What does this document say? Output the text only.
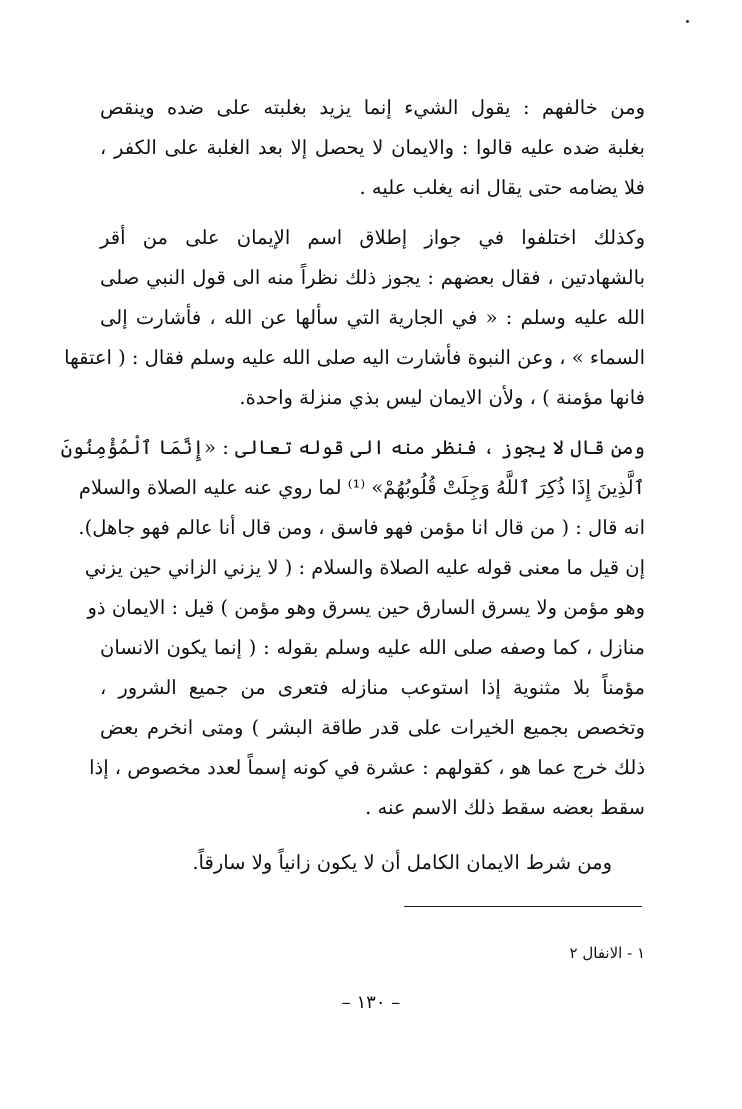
ومن خالفهم : يقول الشيء إنما يزيد بغلبته على ضده وينقص
بغلبة ضده عليه قالوا : والايمان لا يحصل إلا بعد الغلبة على الكفر ،
فلا يضامه حتى يقال انه يغلب عليه .

وكذلك اختلفوا في جواز إطلاق اسم الإيمان على من أقر
بالشهادتين ، فقال بعضهم : يجوز ذلك نظراً منه الى قول النبي صلى
الله عليه وسلم : « في الجارية التي سألها عن الله ، فأشارت إلى
السماء » ، وعن النبوة فأشارت اليه صلى الله عليه وسلم فقال : ( اعتقها
فانها مؤمنة ) ، ولأن الايمان ليس بذي منزلة واحدة.

ومن قال لا يجوز ، فنظر منه الى قوله تعالى : «إِنَّمَا ٱلْمُؤْمِنُونَ
ٱلَّذِينَ إِذَا ذُكِرَ ٱللَّهُ وَجِلَتْ قُلُوبُهُمْ» ⁽¹⁾ لما روي عنه عليه الصلاة والسلام
انه قال : ( من قال انا مؤمن فهو فاسق ، ومن قال أنا عالم فهو جاهل).
إن قيل ما معنى قوله عليه الصلاة والسلام : ( لا يزني الزاني حين يزني
وهو مؤمن ولا يسرق السارق حين يسرق وهو مؤمن ) قيل : الايمان ذو
منازل ، كما وصفه صلى الله عليه وسلم بقوله : ( إنما يكون الانسان
مؤمناً بلا مثنوية إذا استوعب منازله فتعرى من جميع الشرور ،
وتخصص بجميع الخيرات على قدر طاقة البشر ) ومتى انخرم بعض
ذلك خرج عما هو ، كقولهم : عشرة في كونه إسماً لعدد مخصوص ، إذا
سقط بعضه سقط ذلك الاسم عنه .

ومن شرط الايمان الكامل أن لا يكون زانياً ولا سارقاً.

١ - الانفال ٢
– ١٣٠ –
